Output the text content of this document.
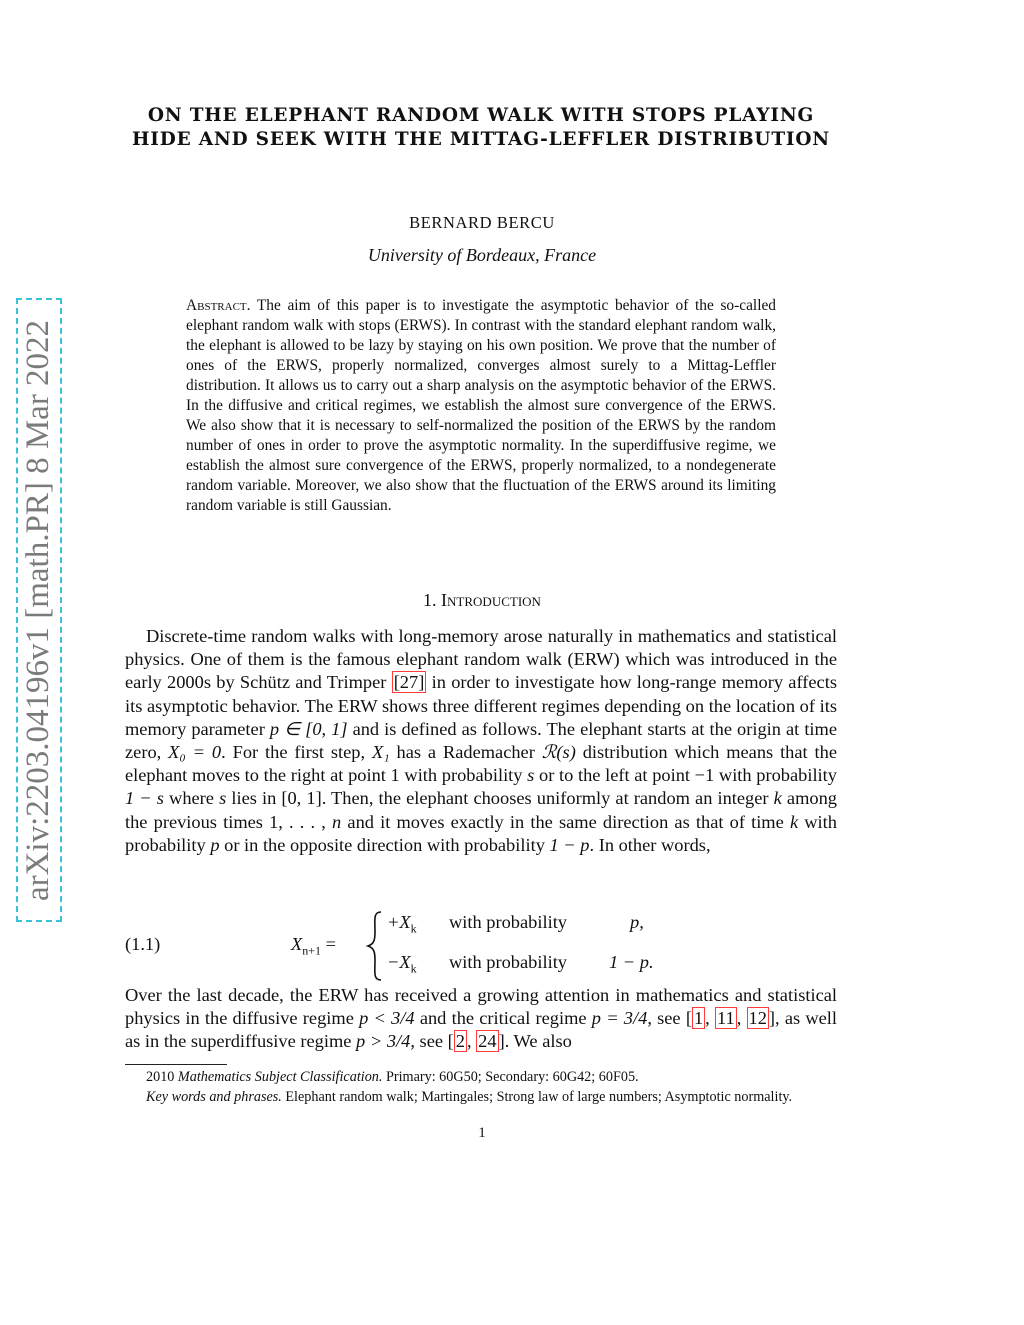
arXiv:2203.04196v1 [math.PR] 8 Mar 2022
ON THE ELEPHANT RANDOM WALK WITH STOPS PLAYING HIDE AND SEEK WITH THE MITTAG-LEFFLER DISTRIBUTION
BERNARD BERCU
University of Bordeaux, France

Abstract. The aim of this paper is to investigate the asymptotic behavior of the so-called elephant random walk with stops (ERWS). In contrast with the standard elephant random walk, the elephant is allowed to be lazy by staying on his own position. We prove that the number of ones of the ERWS, properly normalized, converges almost surely to a Mittag-Leffler distribution. It allows us to carry out a sharp analysis on the asymptotic behavior of the ERWS. In the diffusive and critical regimes, we establish the almost sure convergence of the ERWS. We also show that it is necessary to self-normalized the position of the ERWS by the random number of ones in order to prove the asymptotic normality. In the superdiffusive regime, we establish the almost sure convergence of the ERWS, properly normalized, to a nondegenerate random variable. Moreover, we also show that the fluctuation of the ERWS around its limiting random variable is still Gaussian.

1. Introduction

Discrete-time random walks with long-memory arose naturally in mathematics and statistical physics. One of them is the famous elephant random walk (ERW) which was introduced in the early 2000s by Schütz and Trimper [27] in order to investigate how long-range memory affects its asymptotic behavior. The ERW shows three different regimes depending on the location of its memory parameter p ∈ [0, 1] and is defined as follows. The elephant starts at the origin at time zero, X₀ = 0. For the first step, X₁ has a Rademacher ℛ(s) distribution which means that the elephant moves to the right at point 1 with probability s or to the left at point −1 with probability 1 − s where s lies in [0, 1]. Then, the elephant chooses uniformly at random an integer k among the previous times 1, . . . , n and it moves exactly in the same direction as that of time k with probability p or in the opposite direction with probability 1 − p. In other words,

(1.1)	$X_{n+1}$ =
$+X_k$ with probability	p,
$-X_k$ with probability 1 − p.

Over the last decade, the ERW has received a growing attention in mathematics and statistical physics in the diffusive regime p < 3/4 and the critical regime p = 3/4, see [ 1 , 11 , 12 ], as well as in the superdiffusive regime p > 3/4, see [ 2 , 24 ]. We also

2010 Mathematics Subject Classification. Primary: 60G50; Secondary: 60G42; 60F05.

Key words and phrases. Elephant random walk; Martingales; Strong law of large numbers; Asymptotic normality.

1
